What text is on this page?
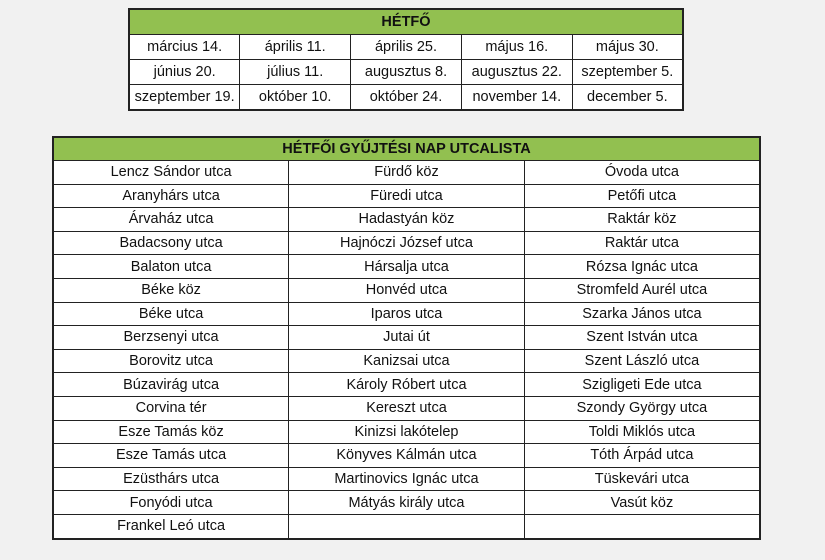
HÉTFŐ				
március 14.	április 11.	április 25.	május 16.	május 30.
június 20.	július 11.	augusztus 8.	augusztus 22.	szeptember 5.
szeptember 19.	október 10.	október 24.	november 14.	december 5.
HÉTFŐI GYŰJTÉSI NAP UTCALISTA		
Lencz Sándor utca	Fürdő köz	Óvoda utca
Aranyhárs utca	Füredi utca	Petőfi utca
Árvaház utca	Hadastyán köz	Raktár köz
Badacsony utca	Hajnóczi József utca	Raktár utca
Balaton utca	Hársalja utca	Rózsa Ignác utca
Béke köz	Honvéd utca	Stromfeld Aurél utca
Béke utca	Iparos utca	Szarka János utca
Berzsenyi utca	Jutai út	Szent István utca
Borovitz utca	Kanizsai utca	Szent László utca
Búzavirág utca	Károly Róbert utca	Szigligeti Ede utca
Corvina tér	Kereszt utca	Szondy György utca
Esze Tamás köz	Kinizsi lakótelep	Toldi Miklós utca
Esze Tamás utca	Könyves Kálmán utca	Tóth Árpád utca
Ezüsthárs utca	Martinovics Ignác utca	Tüskevári utca
Fonyódi utca	Mátyás király utca	Vasút köz
Frankel Leó utca		
